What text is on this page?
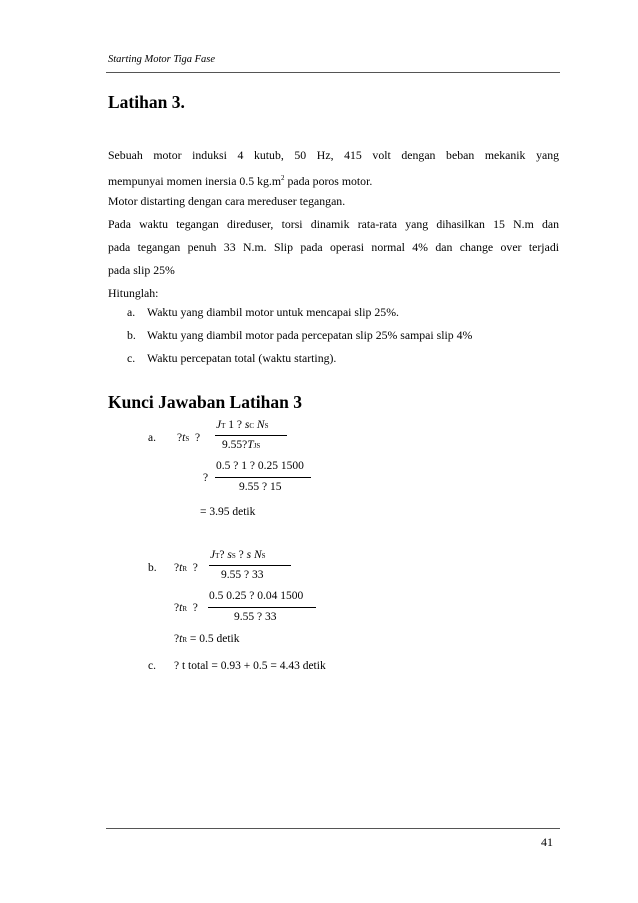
Starting Motor Tiga Fase
Latihan 3.
Sebuah motor induksi 4 kutub, 50 Hz, 415 volt dengan beban mekanik yang
mempunyai momen inersia 0.5 $kg.m^2$ pada poros motor.
Motor distarting dengan cara mereduser tegangan.
Pada waktu tegangan direduser, torsi dinamik rata-rata yang dihasilkan 15 N.m dan
pada tegangan penuh 33 N.m. Slip pada operasi normal 4% dan change over terjadi
pada slip 25%
Hitunglah:
a. Waktu yang diambil motor untuk mencapai slip 25%.
b. Waktu yang diambil motor pada percepatan slip 25% sampai slip 4%
c. Waktu percepatan total (waktu starting).
Kunci Jawaban Latihan 3
a. ?tS ?
JT 1 ? sC NS
9.55?TJS
?
0.5 ? 1 ? 0.25 1500
9.55 ? 15
= 3.95 detik
b. ?tR ?
JT? sS ? s NS
9.55 ? 33
?tR ?
0.5 0.25 ? 0.04 1500
9.55 ? 33
?tR = 0.5 detik
c. ? t total = 0.93 + 0.5 = 4.43 detik
41
